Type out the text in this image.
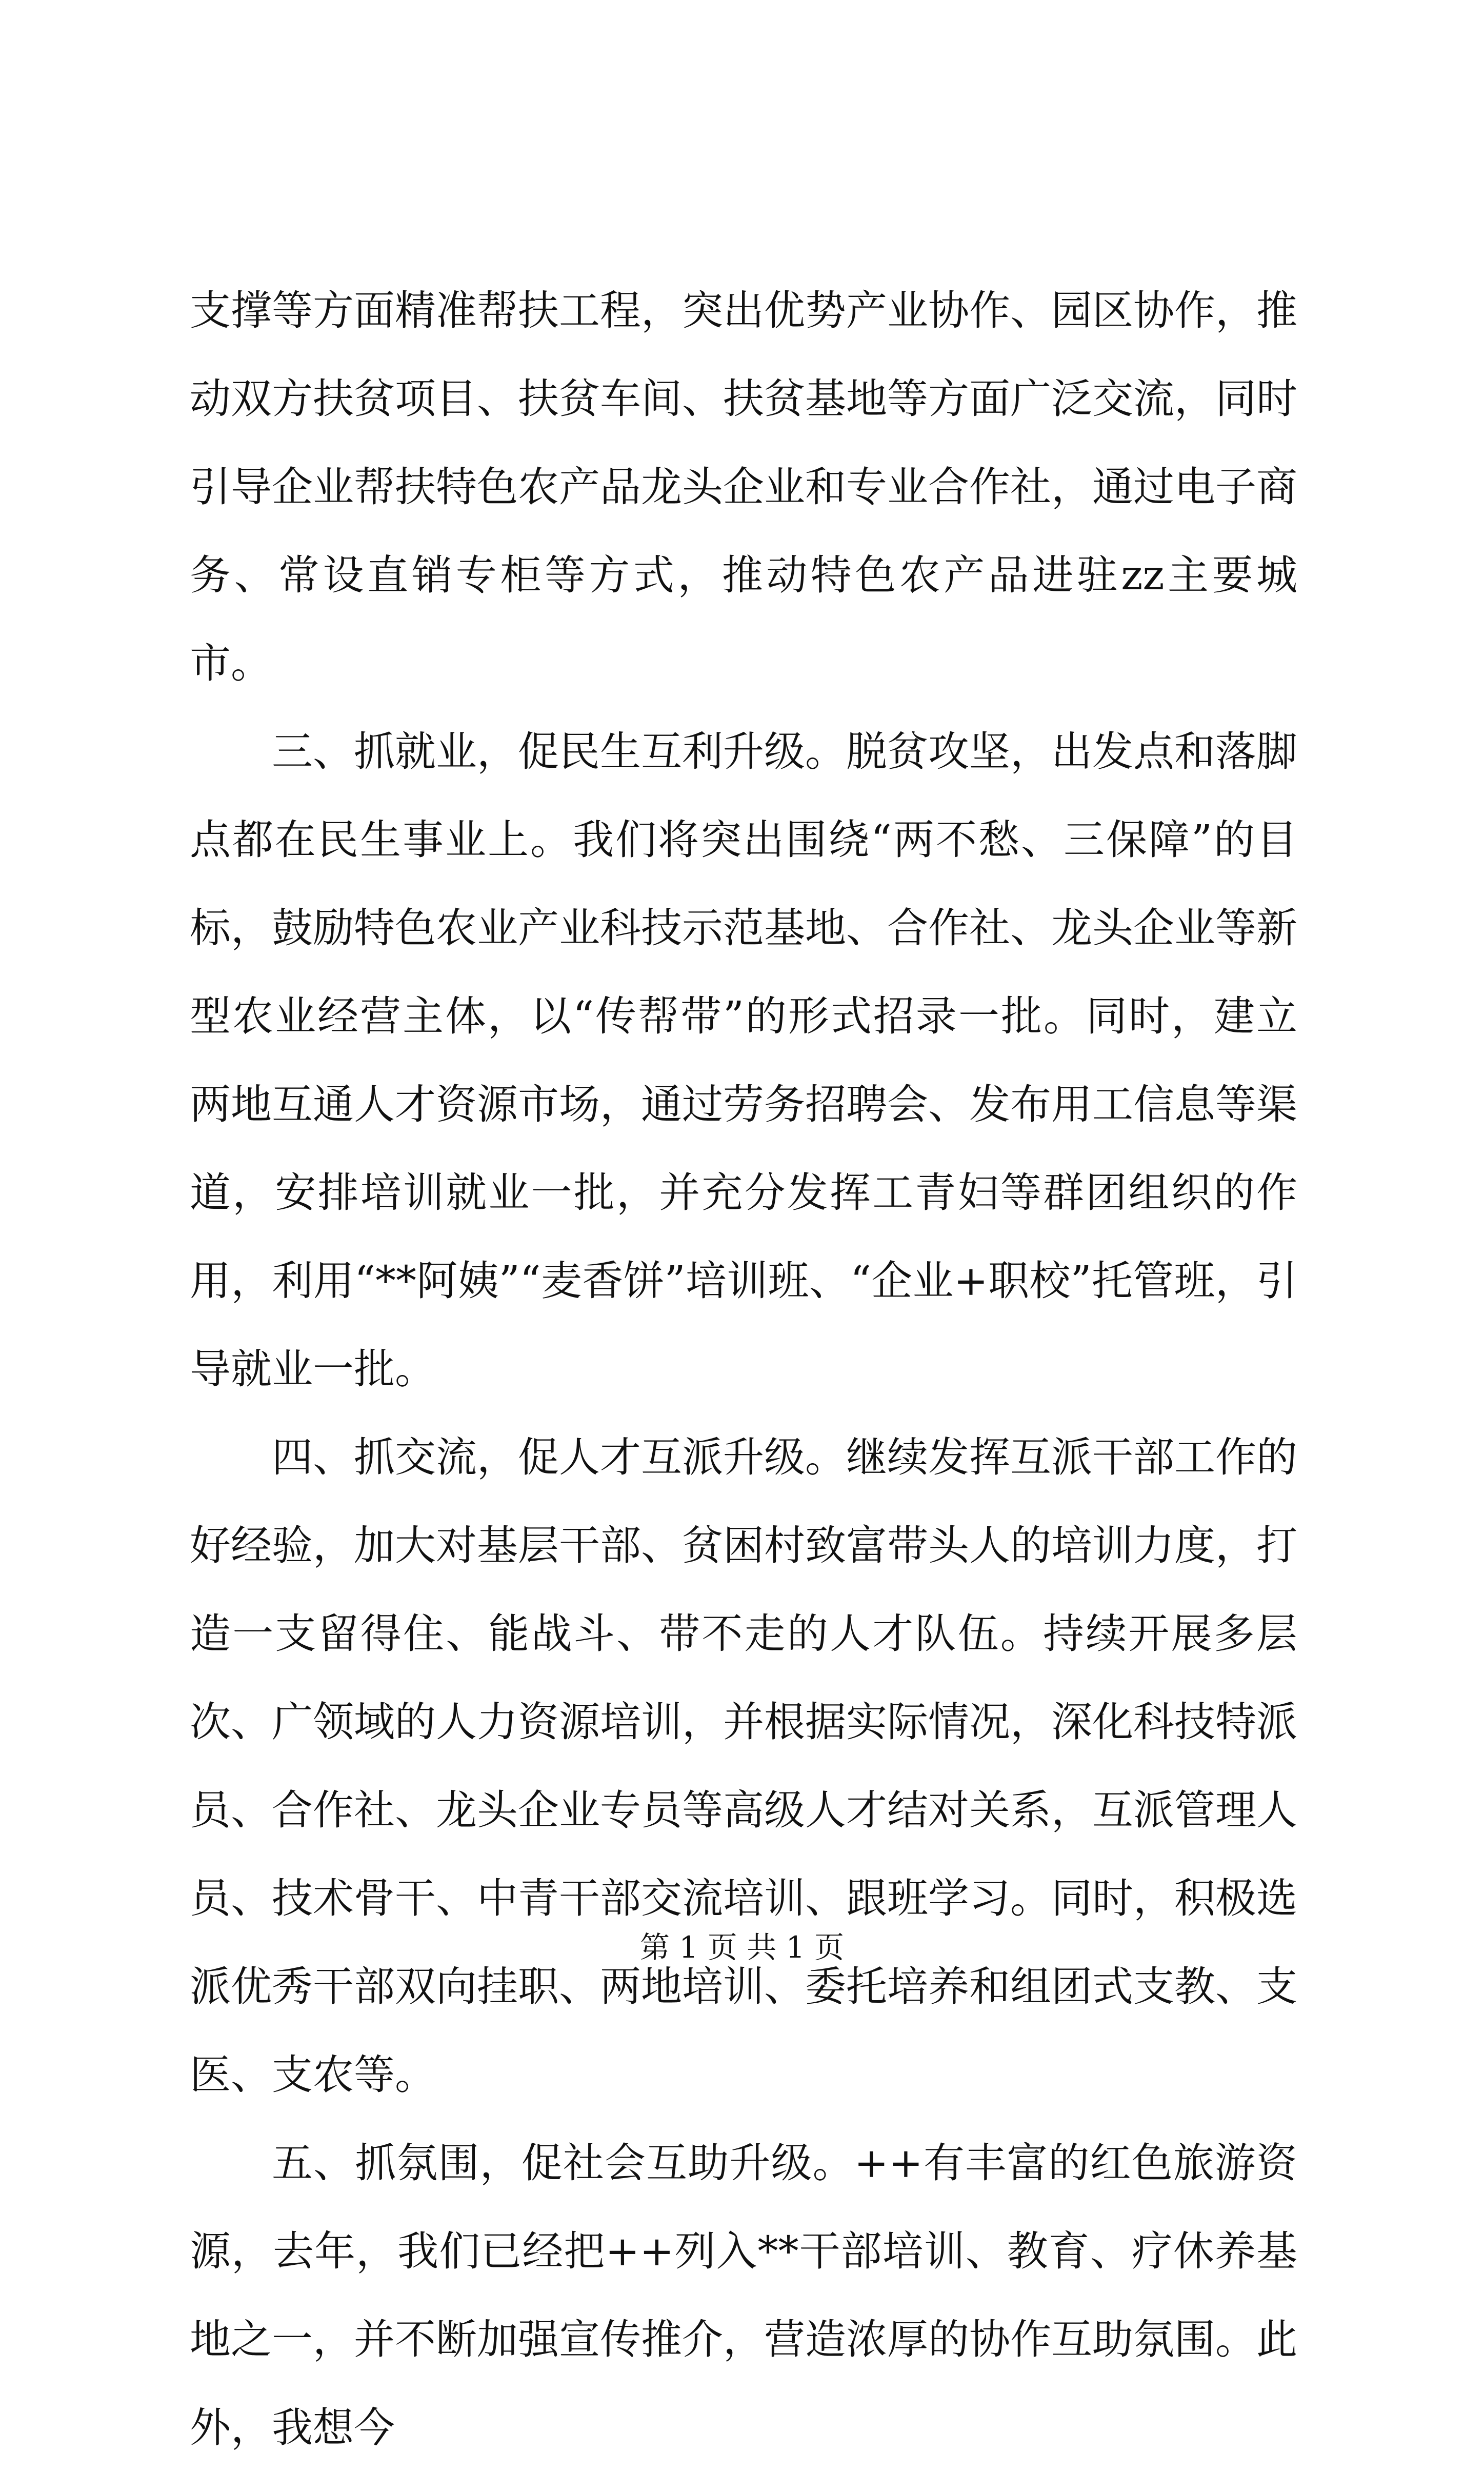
支撑等方面精准帮扶工程，突出优势产业协作、园区协作，推动双方扶贫项目、扶贫车间、扶贫基地等方面广泛交流，同时引导企业帮扶特色农产品龙头企业和专业合作社，通过电子商务、常设直销专柜等方式，推动特色农产品进驻zz主要城市。

三、抓就业，促民生互利升级。脱贫攻坚，出发点和落脚点都在民生事业上。我们将突出围绕“两不愁、三保障”的目标，鼓励特色农业产业科技示范基地、合作社、龙头企业等新型农业经营主体，以“传帮带”的形式招录一批。同时，建立两地互通人才资源市场，通过劳务招聘会、发布用工信息等渠道，安排培训就业一批，并充分发挥工青妇等群团组织的作用，利用“**阿姨”“麦香饼”培训班、“企业+职校”托管班，引导就业一批。

四、抓交流，促人才互派升级。继续发挥互派干部工作的好经验，加大对基层干部、贫困村致富带头人的培训力度，打造一支留得住、能战斗、带不走的人才队伍。持续开展多层次、广领域的人力资源培训，并根据实际情况，深化科技特派员、合作社、龙头企业专员等高级人才结对关系，互派管理人员、技术骨干、中青干部交流培训、跟班学习。同时，积极选派优秀干部双向挂职、两地培训、委托培养和组团式支教、支医、支农等。

五、抓氛围，促社会互助升级。++有丰富的红色旅游资源，去年，我们已经把++列入**干部培训、教育、疗休养基地之一，并不断加强宣传推介，营造浓厚的协作互助氛围。此外，我想今

第 1 页 共 1 页
